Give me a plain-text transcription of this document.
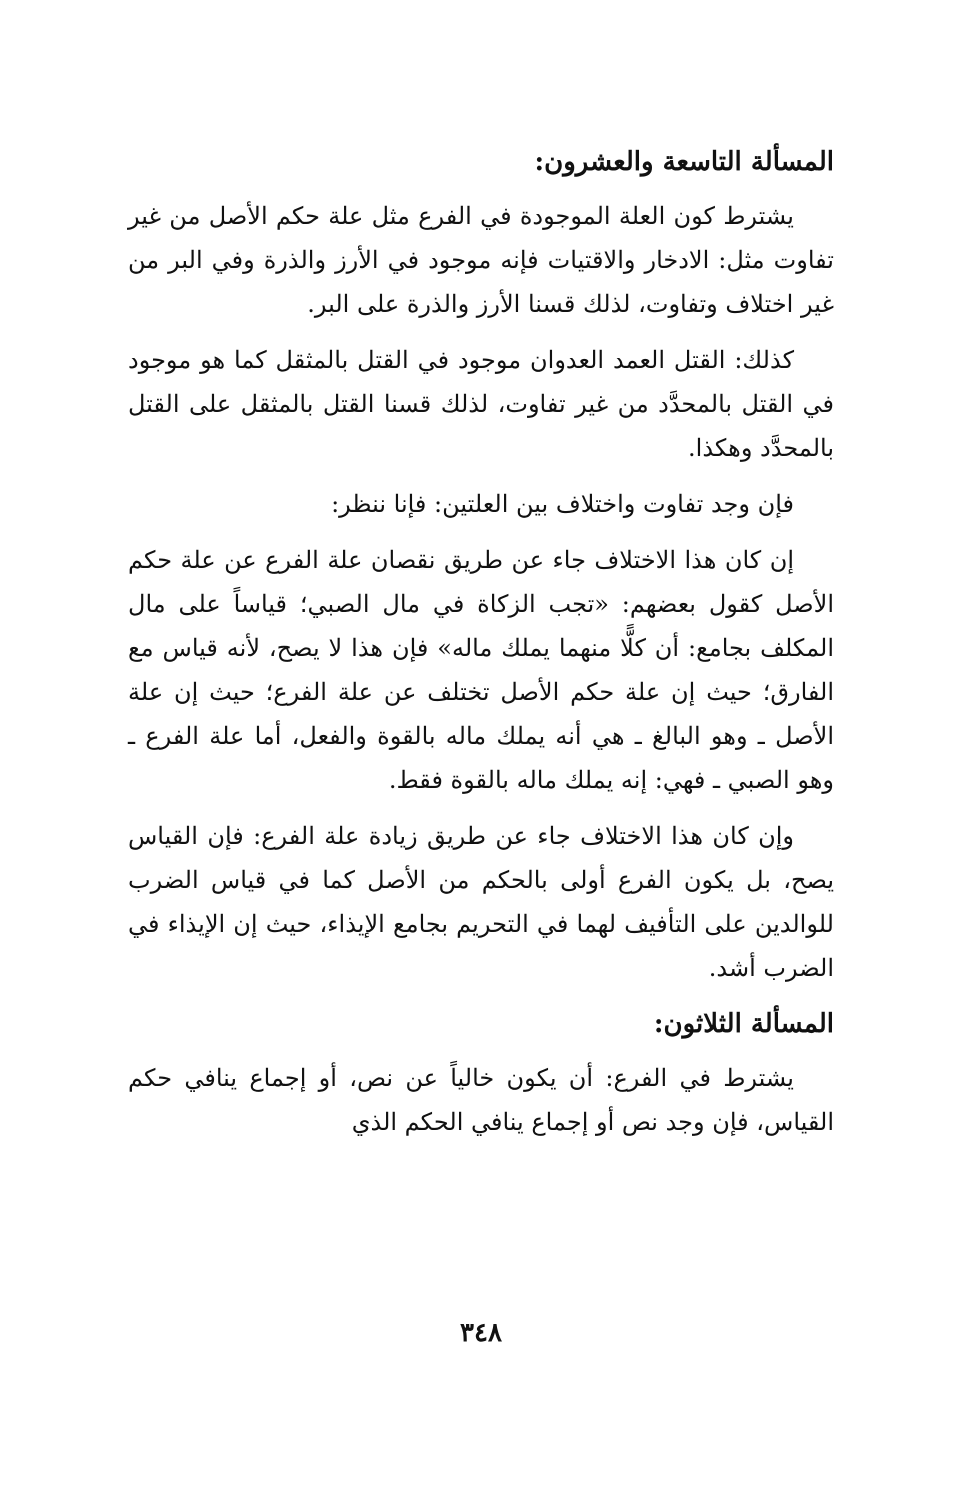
المسألة التاسعة والعشرون:

يشترط كون العلة الموجودة في الفرع مثل علة حكم الأصل من غير تفاوت مثل: الادخار والاقتيات فإنه موجود في الأرز والذرة وفي البر من غير اختلاف وتفاوت، لذلك قسنا الأرز والذرة على البر.

كذلك: القتل العمد العدوان موجود في القتل بالمثقل كما هو موجود في القتل بالمحدَّد من غير تفاوت، لذلك قسنا القتل بالمثقل على القتل بالمحدَّد وهكذا.

فإن وجد تفاوت واختلاف بين العلتين: فإنا ننظر:

إن كان هذا الاختلاف جاء عن طريق نقصان علة الفرع عن علة حكم الأصل كقول بعضهم: «تجب الزكاة في مال الصبي؛ قياساً على مال المكلف بجامع: أن كلًّا منهما يملك ماله» فإن هذا لا يصح، لأنه قياس مع الفارق؛ حيث إن علة حكم الأصل تختلف عن علة الفرع؛ حيث إن علة الأصل ـ وهو البالغ ـ هي أنه يملك ماله بالقوة والفعل، أما علة الفرع ـ وهو الصبي ـ فهي: إنه يملك ماله بالقوة فقط.

وإن كان هذا الاختلاف جاء عن طريق زيادة علة الفرع: فإن القياس يصح، بل يكون الفرع أولى بالحكم من الأصل كما في قياس الضرب للوالدين على التأفيف لهما في التحريم بجامع الإيذاء، حيث إن الإيذاء في الضرب أشد.

المسألة الثلاثون:

يشترط في الفرع: أن يكون خالياً عن نص، أو إجماع ينافي حكم القياس، فإن وجد نص أو إجماع ينافي الحكم الذي

٣٤٨
